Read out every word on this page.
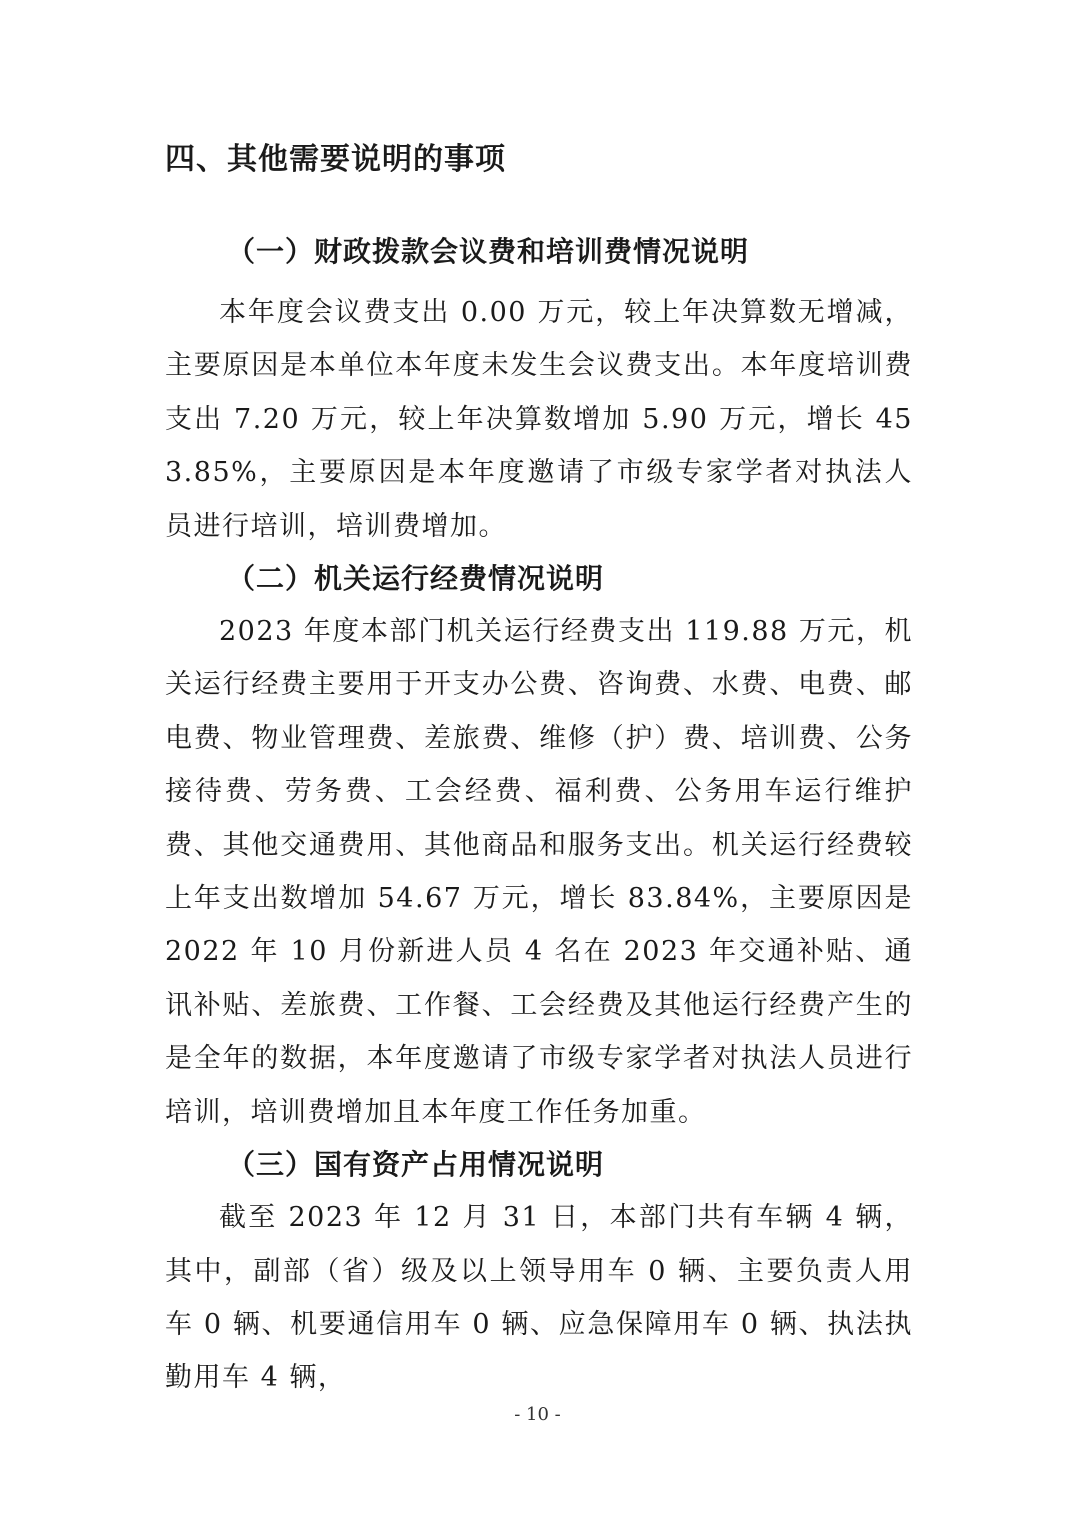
四、其他需要说明的事项
（一）财政拨款会议费和培训费情况说明

本年度会议费支出 0.00 万元，较上年决算数无增减，主要原因是本单位本年度未发生会议费支出。本年度培训费支出 7.20 万元，较上年决算数增加 5.90 万元，增长 453.85%，主要原因是本年度邀请了市级专家学者对执法人员进行培训，培训费增加。

（二）机关运行经费情况说明

2023 年度本部门机关运行经费支出 119.88 万元，机关运行经费主要用于开支办公费、咨询费、水费、电费、邮电费、物业管理费、差旅费、维修（护）费、培训费、公务接待费、劳务费、工会经费、福利费、公务用车运行维护费、其他交通费用、其他商品和服务支出。机关运行经费较上年支出数增加 54.67 万元，增长 83.84%，主要原因是 2022 年 10 月份新进人员 4 名在 2023 年交通补贴、通讯补贴、差旅费、工作餐、工会经费及其他运行经费产生的是全年的数据，本年度邀请了市级专家学者对执法人员进行培训，培训费增加且本年度工作任务加重。

（三）国有资产占用情况说明

截至 2023 年 12 月 31 日，本部门共有车辆 4 辆，其中，副部（省）级及以上领导用车 0 辆、主要负责人用车 0 辆、机要通信用车 0 辆、应急保障用车 0 辆、执法执勤用车 4 辆，

- 10 -
